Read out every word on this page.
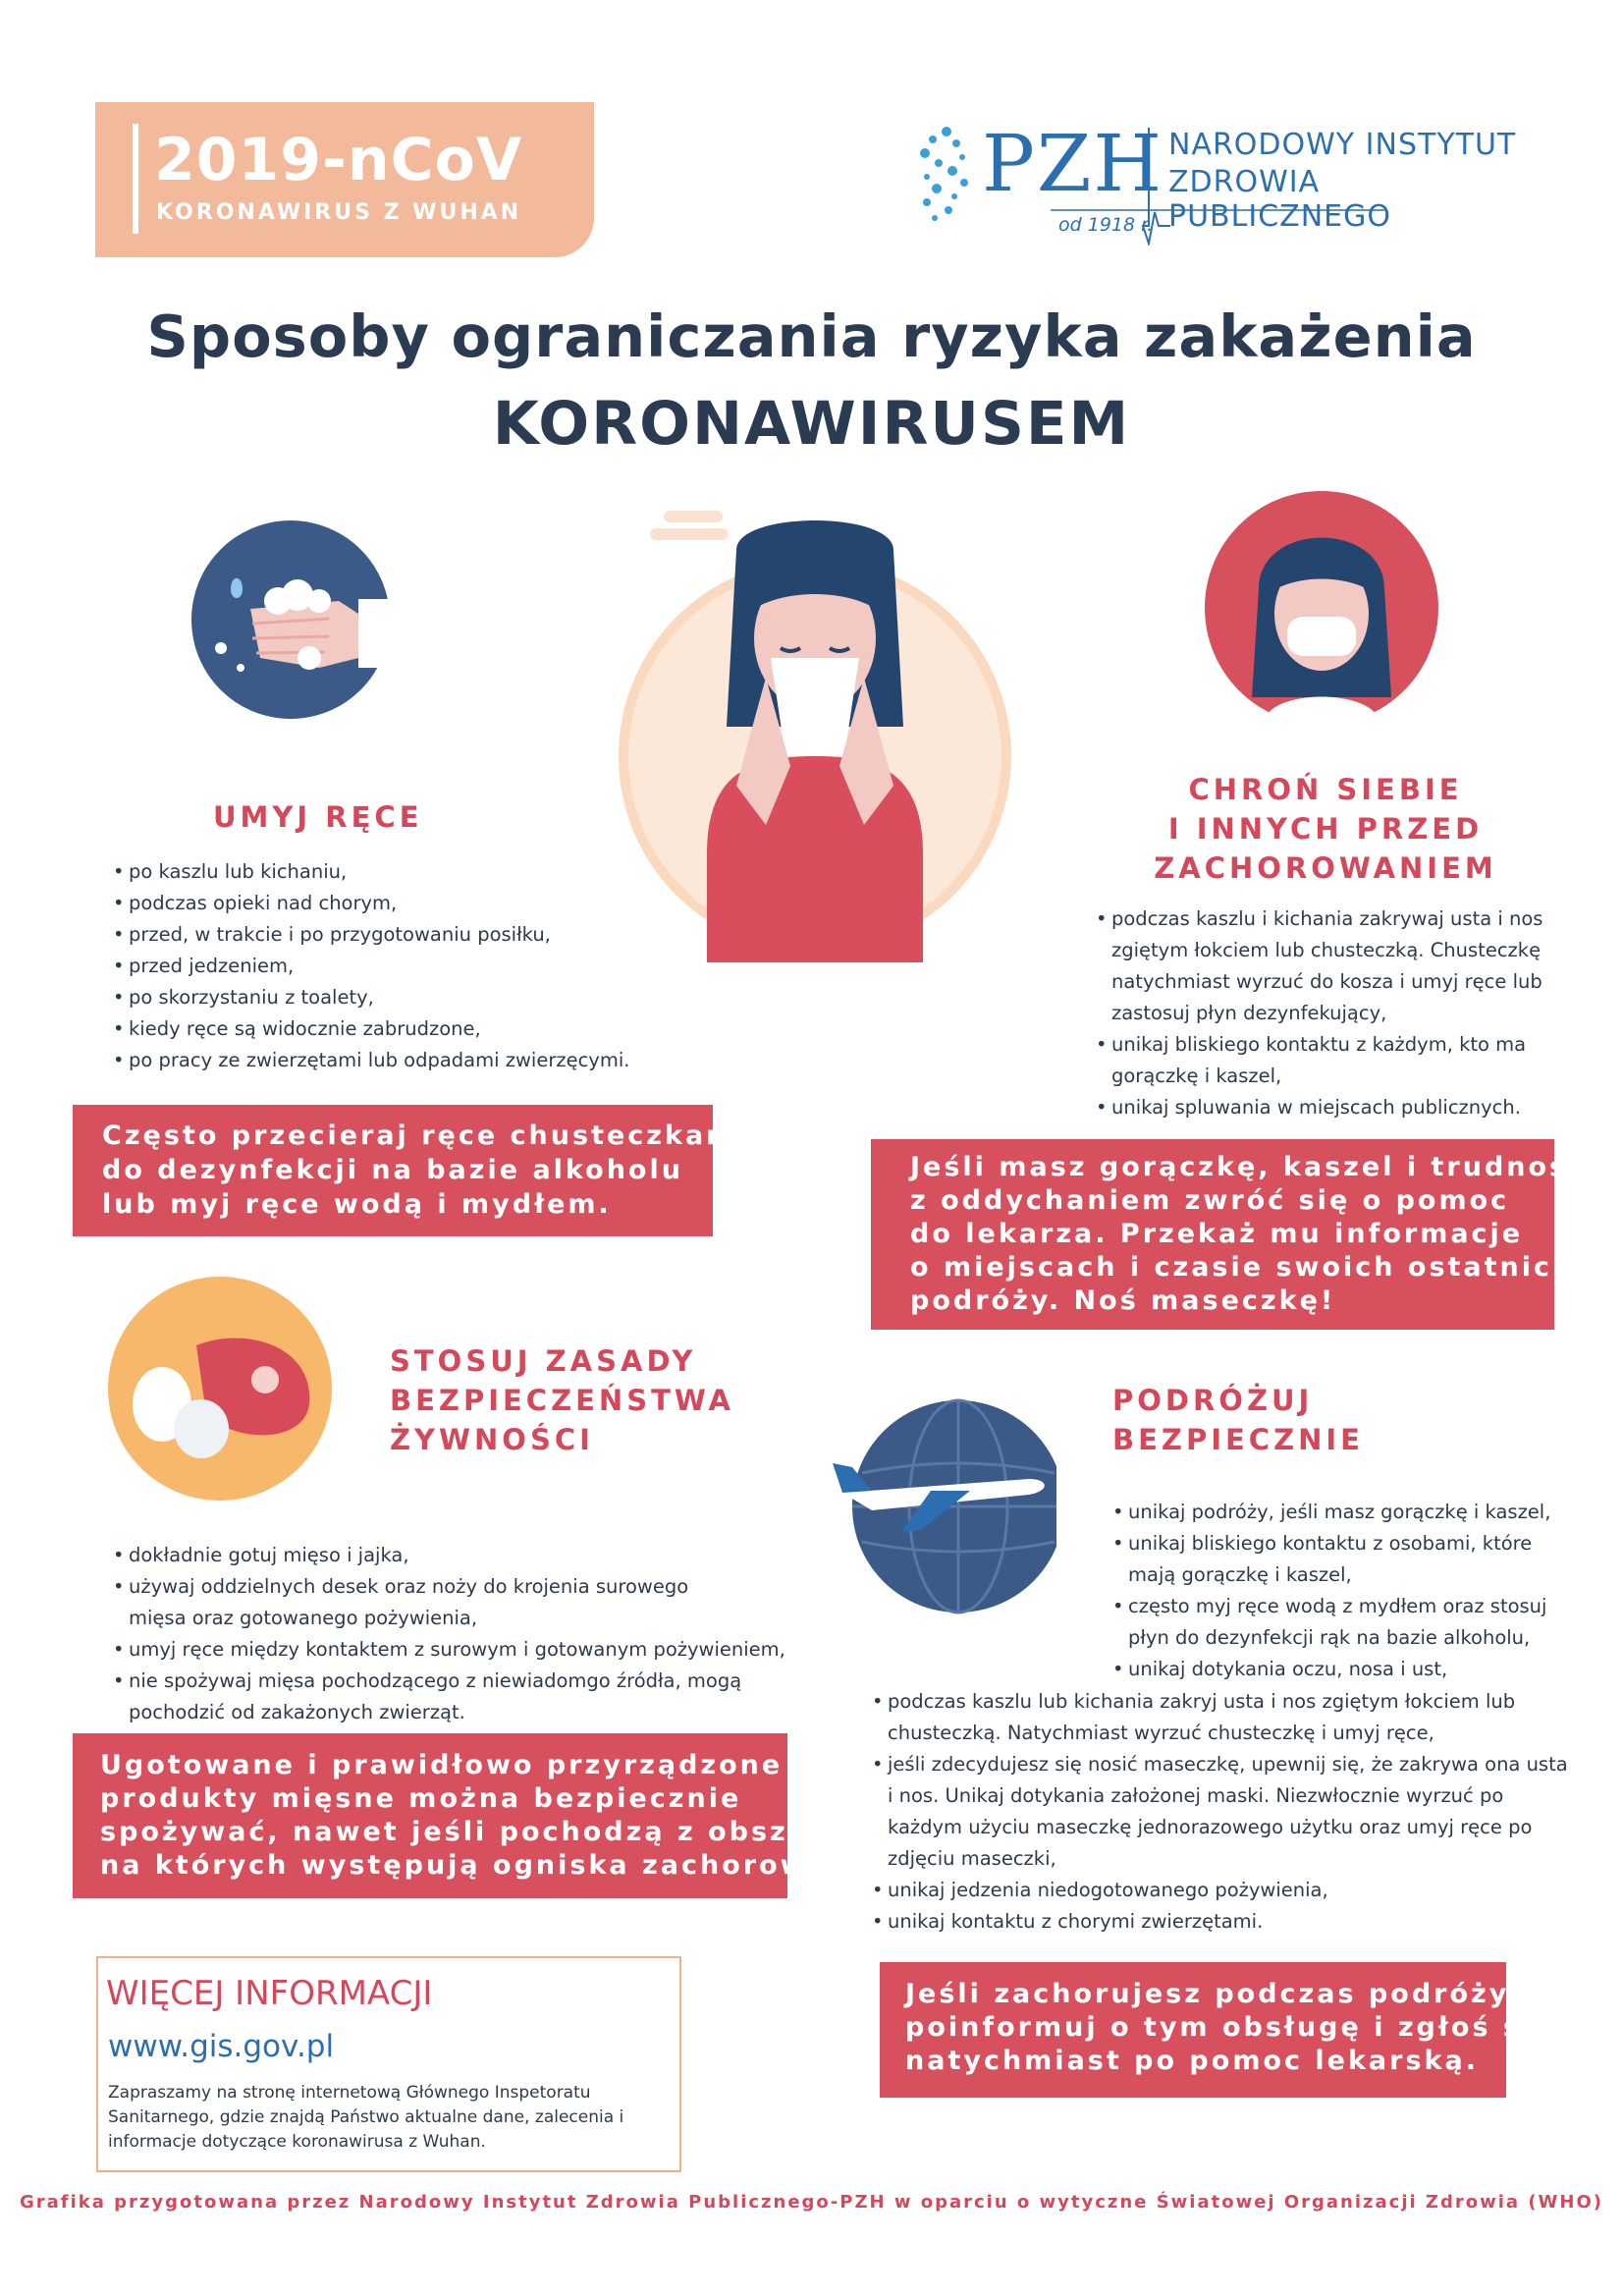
2019-nCoV
KORONAWIRUS Z WUHAN
PZH NARODOWY INSTYTUT
ZDROWIA PUBLICZNEGO
od 1918 r.
Sposoby ograniczania ryzyka zakażenia
KORONAWIRUSEM
UMYJ RĘCE
• po kaszlu lub kichaniu,
• podczas opieki nad chorym,
• przed, w trakcie i po przygotowaniu posiłku,
• przed jedzeniem,
• po skorzystaniu z toalety,
• kiedy ręce są widocznie zabrudzone,
• po pracy ze zwierzętami lub odpadami zwierzęcymi.
Często przecieraj ręce chusteczkami
do dezynfekcji na bazie alkoholu
lub myj ręce wodą i mydłem.
CHROŃ SIEBIE
I INNYCH PRZED
ZACHOROWANIEM
• podczas kaszlu i kichania zakrywaj usta i nos
zgiętym łokciem lub chusteczką. Chusteczkę
natychmiast wyrzuć do kosza i umyj ręce lub
zastosuj płyn dezynfekujący,
• unikaj bliskiego kontaktu z każdym, kto ma
gorączkę i kaszel,
• unikaj spluwania w miejscach publicznych.
Jeśli masz gorączkę, kaszel i trudności
z oddychaniem zwróć się o pomoc
do lekarza. Przekaż mu informacje
o miejscach i czasie swoich ostatnich
podróży. Noś maseczkę!
STOSUJ ZASADY
BEZPIECZEŃSTWA
ŻYWNOŚCI
• dokładnie gotuj mięso i jajka,
• używaj oddzielnych desek oraz noży do krojenia surowego
mięsa oraz gotowanego pożywienia,
• umyj ręce między kontaktem z surowym i gotowanym pożywieniem,
• nie spożywaj mięsa pochodzącego z niewiadomgo źródła, mogą
pochodzić od zakażonych zwierząt.
Ugotowane i prawidłowo przyrządzone
produkty mięsne można bezpiecznie
spożywać, nawet jeśli pochodzą z obszarów,
na których występują ogniska zachorowań.
PODRÓŻUJ
BEZPIECZNIE
• unikaj podróży, jeśli masz gorączkę i kaszel,
• unikaj bliskiego kontaktu z osobami, które
mają gorączkę i kaszel,
• często myj ręce wodą z mydłem oraz stosuj
płyn do dezynfekcji rąk na bazie alkoholu,
• unikaj dotykania oczu, nosa i ust,
• podczas kaszlu lub kichania zakryj usta i nos zgiętym łokciem lub
chusteczką. Natychmiast wyrzuć chusteczkę i umyj ręce,
• jeśli zdecydujesz się nosić maseczkę, upewnij się, że zakrywa ona usta
i nos. Unikaj dotykania założonej maski. Niezwłocznie wyrzuć po
każdym użyciu maseczkę jednorazowego użytku oraz umyj ręce po
zdjęciu maseczki,
• unikaj jedzenia niedogotowanego pożywienia,
• unikaj kontaktu z chorymi zwierzętami.
Jeśli zachorujesz podczas podróży,
poinformuj o tym obsługę i zgłoś się
natychmiast po pomoc lekarską.
WIĘCEJ INFORMACJI
www.gis.gov.pl
Zapraszamy na stronę internetową Głównego Inspetoratu Sanitarnego, gdzie znajdą Państwo aktualne dane, zalecenia i informacje dotyczące koronawirusa z Wuhan.
Grafika przygotowana przez Narodowy Instytut Zdrowia Publicznego-PZH w oparciu o wytyczne Światowej Organizacji Zdrowia (WHO)
